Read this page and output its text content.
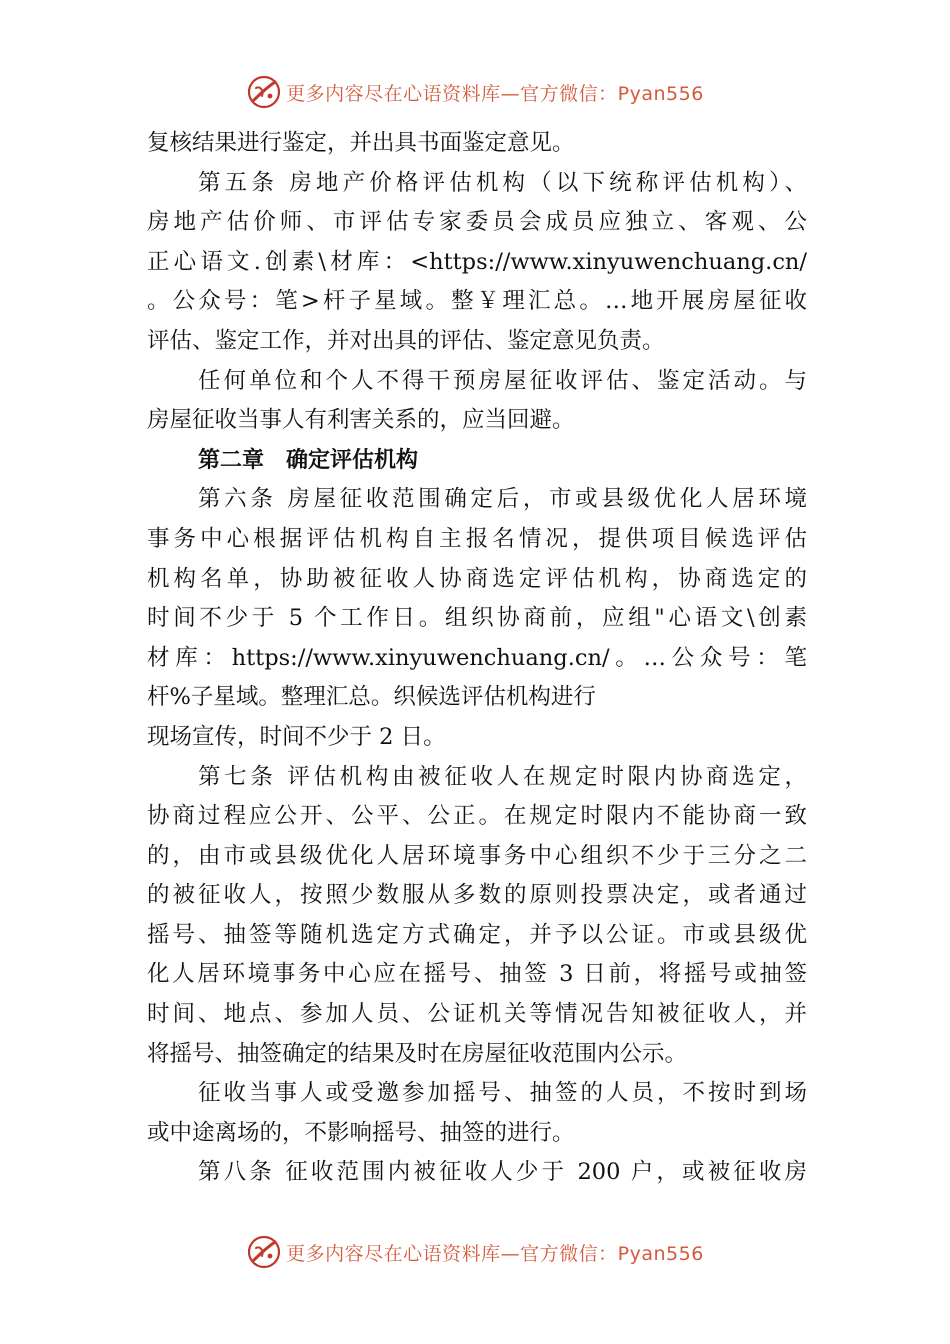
更多内容尽在心语资料库—官方微信：Pyan556
复核结果进行鉴定，并出具书面鉴定意见。
第五条 房地产价格评估机构（以下统称评估机构）、
房地产估价师、市评估专家委员会成员应独立、客观、公
正心语文.创素\材库：<https://www.xinyuwenchuang.cn/
。公众号：笔>杆子星域。整￥理汇总。…地开展房屋征收
评估、鉴定工作，并对出具的评估、鉴定意见负责。
任何单位和个人不得干预房屋征收评估、鉴定活动。与
房屋征收当事人有利害关系的，应当回避。
第二章 确定评估机构
第六条 房屋征收范围确定后，市或县级优化人居环境
事务中心根据评估机构自主报名情况，提供项目候选评估
机构名单，协助被征收人协商选定评估机构，协商选定的
时间不少于 5 个工作日。组织协商前，应组"心语文\创素
材库：https://www.xinyuwenchuang.cn/。…公众号：笔
杆%子星域。整理汇总。织候选评估机构进行
现场宣传，时间不少于 2 日。
第七条 评估机构由被征收人在规定时限内协商选定，
协商过程应公开、公平、公正。在规定时限内不能协商一致
的，由市或县级优化人居环境事务中心组织不少于三分之二
的被征收人，按照少数服从多数的原则投票决定，或者通过
摇号、抽签等随机选定方式确定，并予以公证。市或县级优
化人居环境事务中心应在摇号、抽签 3 日前，将摇号或抽签
时间、地点、参加人员、公证机关等情况告知被征收人，并
将摇号、抽签确定的结果及时在房屋征收范围内公示。
征收当事人或受邀参加摇号、抽签的人员，不按时到场
或中途离场的，不影响摇号、抽签的进行。
第八条 征收范围内被征收人少于 200 户，或被征收房
更多内容尽在心语资料库—官方微信：Pyan556
